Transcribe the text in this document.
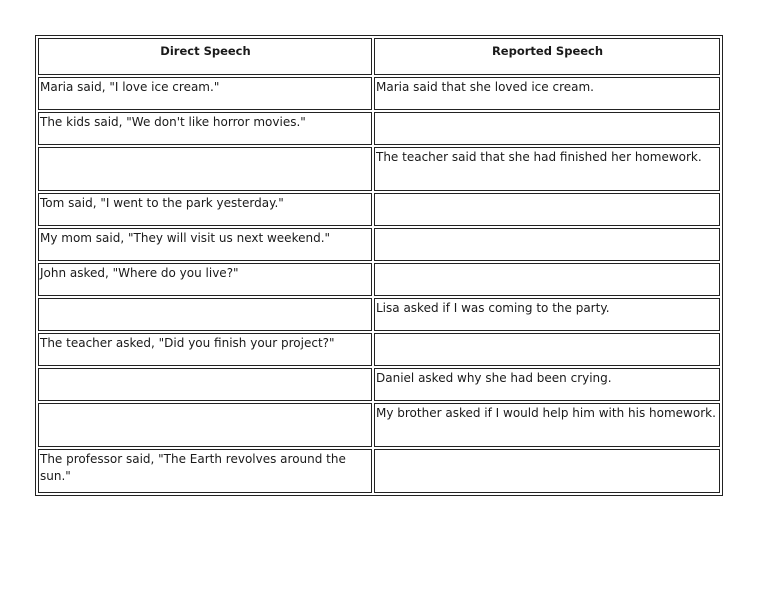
Direct Speech	Reported Speech
Maria said, "I love ice cream."	Maria said that she loved ice cream.
The kids said, "We don't like horror movies."	
	The teacher said that she had finished her homework.
Tom said, "I went to the park yesterday."	
My mom said, "They will visit us next weekend."	
John asked, "Where do you live?"	
	Lisa asked if I was coming to the party.
The teacher asked, "Did you finish your project?"	
	Daniel asked why she had been crying.
	My brother asked if I would help him with his homework.
The professor said, "The Earth revolves around the sun."	
